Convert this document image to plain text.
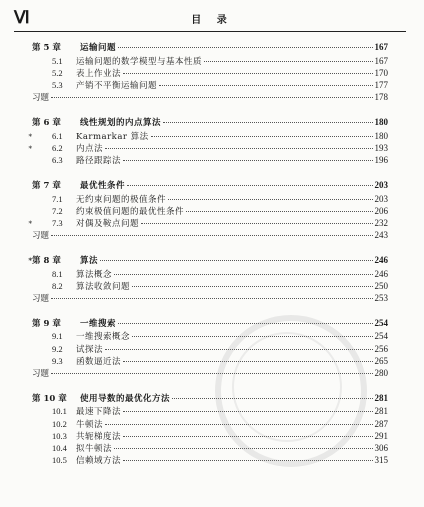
Ⅵ	目 录
第 5 章	运输问题	167
5.1	运输问题的数学模型与基本性质	167
5.2	表上作业法	170
5.3	产销不平衡运输问题	177
习题	178
第 6 章	线性规划的内点算法	180
*	6.1	Karmarkar 算法	180
*	6.2	内点法	193
6.3	路径跟踪法	196
第 7 章	最优性条件	203
7.1	无约束问题的极值条件	203
7.2	约束极值问题的最优性条件	206
*	7.3	对偶及鞍点问题	232
习题	243
* 第 8 章	算法	246
8.1	算法概念	246
8.2	算法收敛问题	250
习题	253
第 9 章	一维搜索	254
9.1	一维搜索概念	254
9.2	试探法	256
9.3	函数逼近法	265
习题	280
第 10 章	使用导数的最优化方法	281
10.1	最速下降法	281
10.2	牛顿法	287
10.3	共轭梯度法	291
10.4	拟牛顿法	306
10.5	信赖域方法	315
